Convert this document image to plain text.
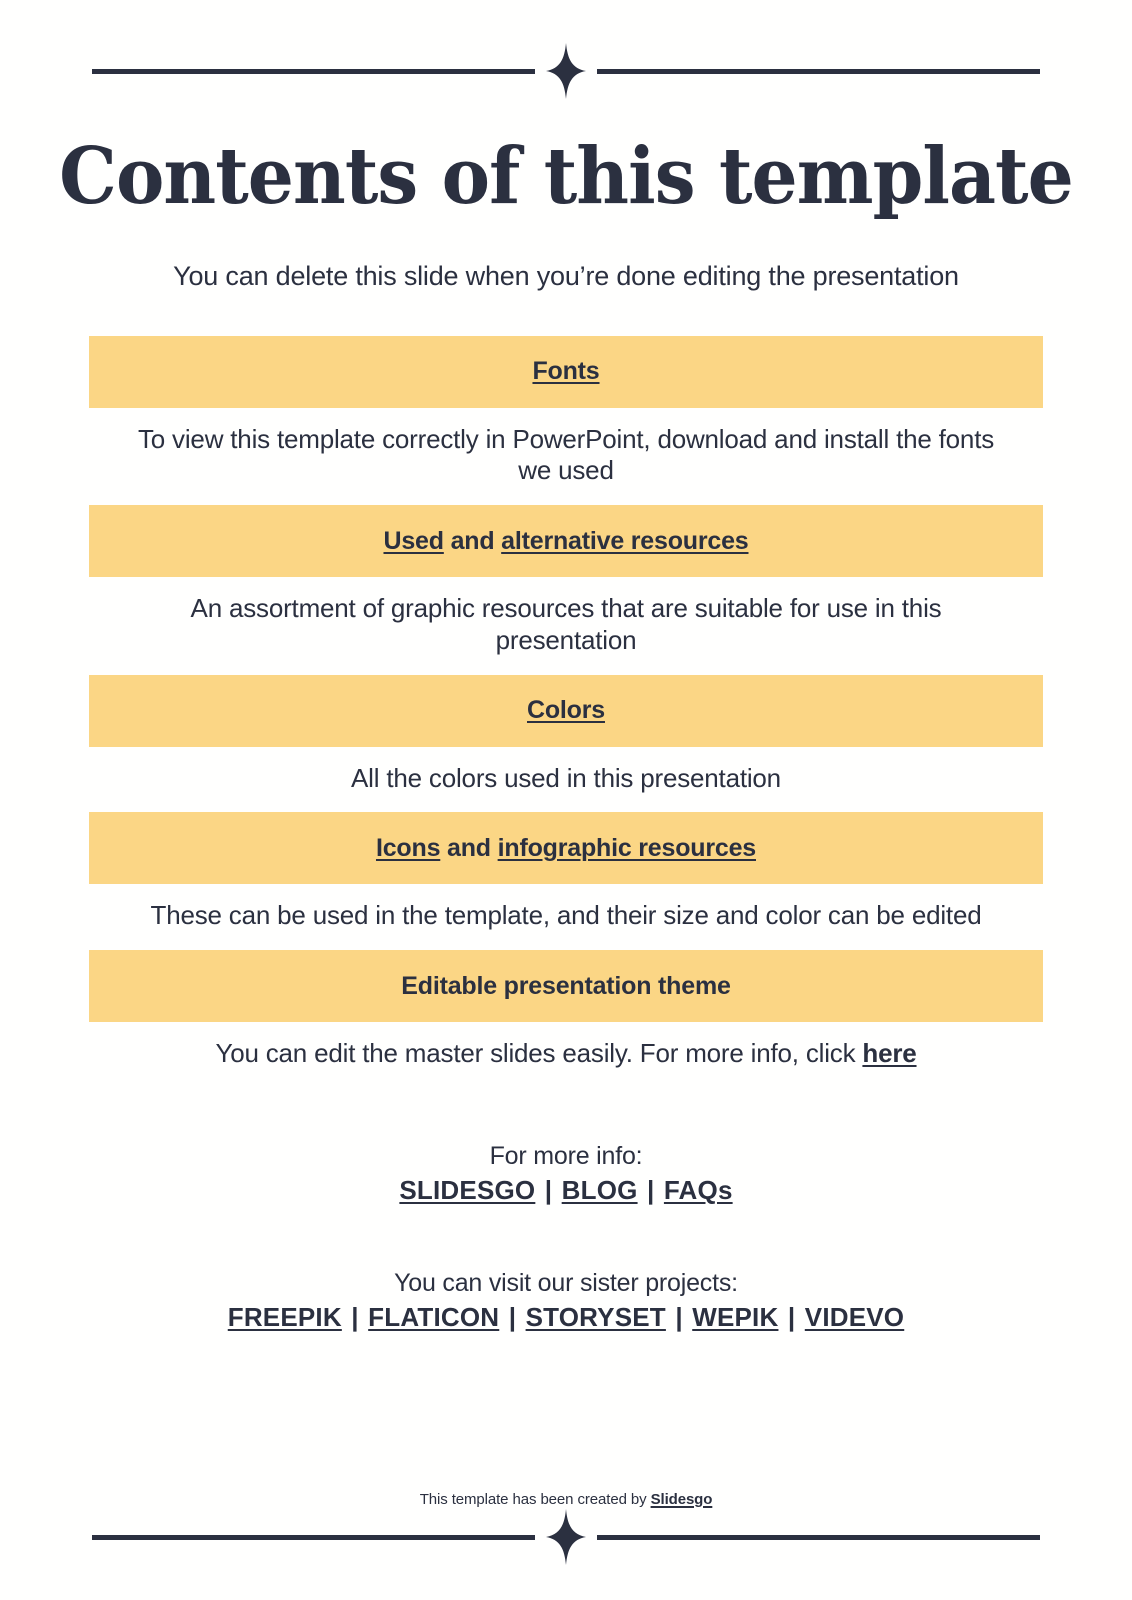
Contents of this template
You can delete this slide when you’re done editing the presentation
Fonts
To view this template correctly in PowerPoint, download and install the fonts we used
Used and alternative resources
An assortment of graphic resources that are suitable for use in this presentation
Colors
All the colors used in this presentation
Icons and infographic resources
These can be used in the template, and their size and color can be edited
Editable presentation theme
You can edit the master slides easily. For more info, click here
For more info:
SLIDESGO | BLOG | FAQs
You can visit our sister projects:
FREEPIK | FLATICON | STORYSET | WEPIK | VIDEVO
This template has been created by Slidesgo
